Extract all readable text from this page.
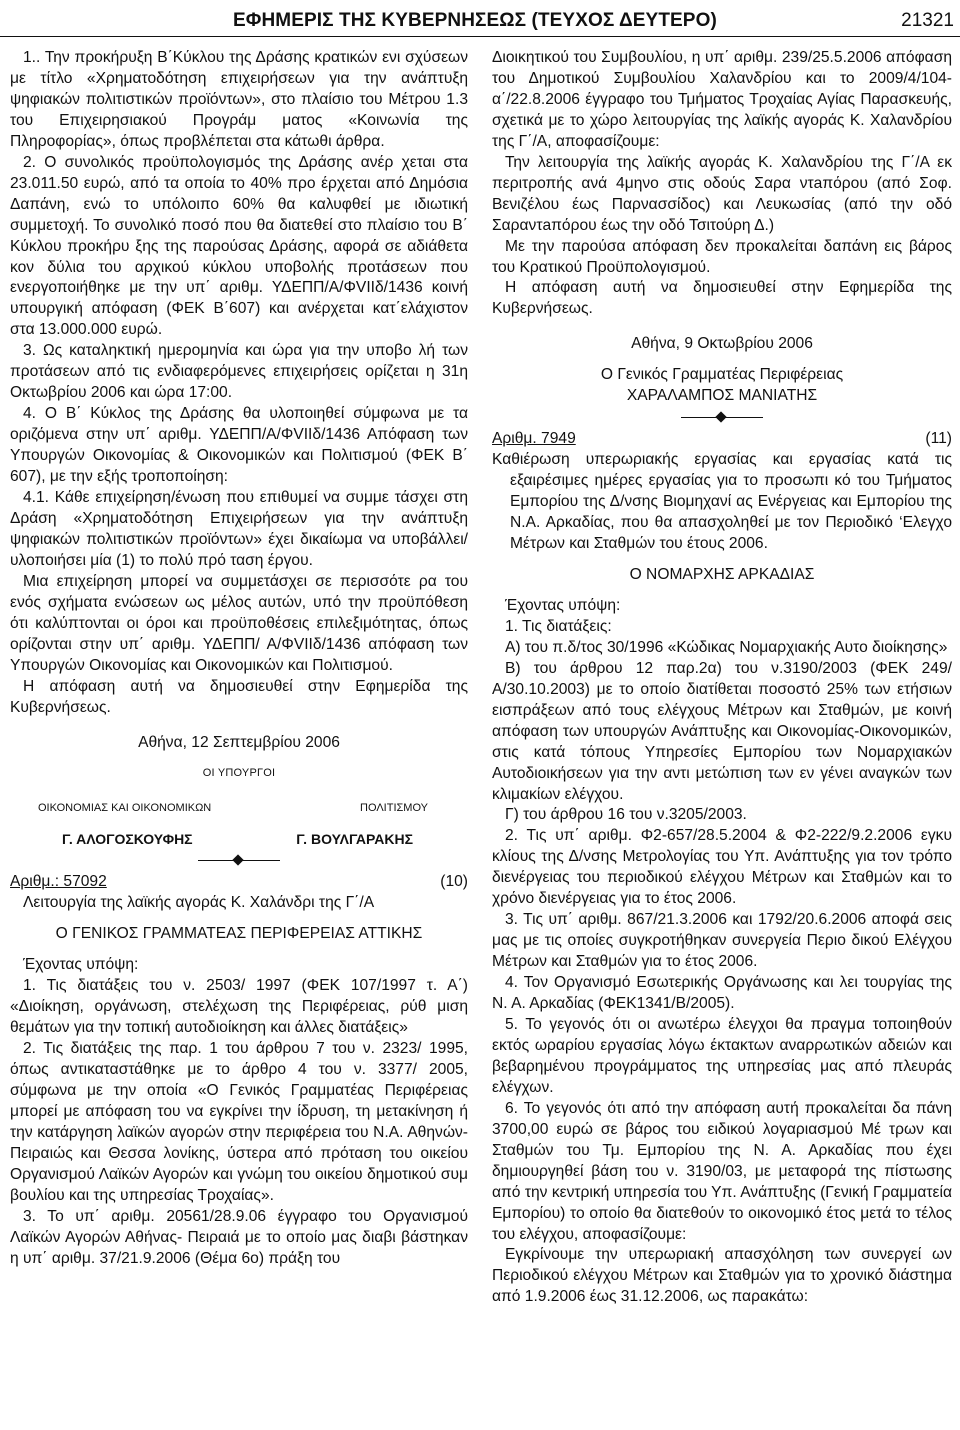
ΕΦΗΜΕΡΙΣ ΤΗΣ ΚΥΒΕΡΝΗΣΕΩΣ (ΤΕΥΧΟΣ ΔΕΥΤΕΡΟ)	21321

1.. Την προκήρυξη Β΄Κύκλου της Δράσης κρατικών ενι σχύσεων με τίτλο «Χρηματοδότηση επιχειρήσεων για την ανάπτυξη ψηφιακών πολιτιστικών προϊόντων», στο πλαίσιο του Μέτρου 1.3 του Επιχειρησιακού Προγράμ ματος «Κοινωνία της Πληροφορίας», όπως προβλέπεται στα κάτωθι άρθρα.

2. Ο συνολικός προϋπολογισμός της Δράσης ανέρ χεται στα 23.011.50 ευρώ, από τα οποία το 40% προ έρχεται από Δημόσια Δαπάνη, ενώ το υπόλοιπο 60% θα καλυφθεί με ιδιωτική συμμετοχή. Το συνολικό ποσό που θα διατεθεί στο πλαίσιο του Β΄ Κύκλου προκήρυ ξης της παρούσας Δράσης, αφορά σε αδιάθετα κον δύλια του αρχικού κύκλου υποβολής προτάσεων που ενεργοποιήθηκε με την υπ΄ αριθμ. ΥΔΕΠΠ/Α/ΦVIIδ/1436 κοινή υπουργική απόφαση (ΦΕΚ Β΄607) και ανέρχεται κατ΄ελάχιστον στα 13.000.000 ευρώ.

3. Ως καταληκτική ημερομηνία και ώρα για την υποβο λή των προτάσεων από τις ενδιαφερόμενες επιχειρήσεις ορίζεται η 31η Οκτωβρίου 2006 και ώρα 17:00.

4. Ο Β΄ Κύκλος της Δράσης θα υλοποιηθεί σύμφωνα με τα οριζόμενα στην υπ΄ αριθμ. ΥΔΕΠΠ/Α/ΦVIIδ/1436 Απόφαση των Υπουργών Οικονομίας & Οικονομικών και Πολιτισμού (ΦΕΚ Β΄ 607), με την εξής τροποποίηση:

4.1. Κάθε επιχείρηση/ένωση που επιθυμεί να συμμε τάσχει στη Δράση «Χρηματοδότηση Επιχειρήσεων για την ανάπτυξη ψηφιακών πολιτιστικών προϊόντων» έχει δικαίωμα να υποβάλλει/ υλοποιήσει μία (1) το πολύ πρό ταση έργου.

Μια επιχείρηση μπορεί να συμμετάσχει σε περισσότε ρα του ενός σχήματα ενώσεων ως μέλος αυτών, υπό την προϋπόθεση ότι καλύπτονται οι όροι και προϋποθέσεις επιλεξιμότητας, όπως ορίζονται στην υπ΄ αριθμ. ΥΔΕΠΠ/ Α/ΦVIIδ/1436 απόφαση των Υπουργών Οικονομίας και Οικονομικών και Πολιτισμού.

Η απόφαση αυτή να δημοσιευθεί στην Εφημερίδα της Κυβερνήσεως.

Αθήνα, 12 Σεπτεμβρίου 2006
ΟΙ ΥΠΟΥΡΓΟΙ
ΟΙΚΟΝΟΜΙΑΣ ΚΑΙ ΟΙΚΟΝΟΜΙΚΩΝ	ΠΟΛΙΤΙΣΜΟΥ
Γ. ΑΛΟΓΟΣΚΟΥΦΗΣ	Γ. ΒΟΥΛΓΑΡΑΚΗΣ
Αριθμ.: 57092	(10)

Λειτουργία της λαϊκής αγοράς Κ. Χαλάνδρι της Γ΄/Α

Ο ΓΕΝΙΚΟΣ ΓΡΑΜΜΑΤΕΑΣ ΠΕΡΙΦΕΡΕΙΑΣ ΑΤΤΙΚΗΣ

Έχοντας υπόψη:

1. Τις διατάξεις του ν. 2503/ 1997 (ΦΕΚ 107/1997 τ. Α΄) «Διοίκηση, οργάνωση, στελέχωση της Περιφέρειας, ρύθ μιση θεμάτων για την τοπική αυτοδιοίκηση και άλλες διατάξεις»

2. Τις διατάξεις της παρ. 1 του άρθρου 7 του ν. 2323/ 1995, όπως αντικαταστάθηκε με το άρθρο 4 του ν. 3377/ 2005, σύμφωνα με την οποία «Ο Γενικός Γραμματέας Περιφέρειας μπορεί με απόφαση του να εγκρίνει την ίδρυση, τη μετακίνηση ή την κατάργηση λαϊκών αγορών στην περιφέρεια του Ν.Α. Αθηνών-Πειραιώς και Θεσσα λονίκης, ύστερα από πρόταση του οικείου Οργανισμού Λαϊκών Αγορών και γνώμη του οικείου δημοτικού συμ βουλίου και της υπηρεσίας Τροχαίας».

3. Το υπ΄ αριθμ. 20561/28.9.06 έγγραφο του Οργανισμού Λαϊκών Αγορών Αθήνας- Πειραιά με το οποίο μας διαβι βάστηκαν η υπ΄ αριθμ. 37/21.9.2006 (Θέμα 6ο) πράξη του

Διοικητικού του Συμβουλίου, η υπ΄ αριθμ. 239/25.5.2006 απόφαση του Δημοτικού Συμβουλίου Χαλανδρίου και το 2009/4/104-α΄/22.8.2006 έγγραφο του Τμήματος Τροχαίας Αγίας Παρασκευής, σχετικά με το χώρο λειτουργίας της λαϊκής αγοράς Κ. Χαλανδρίου της Γ΄/Α, αποφασίζουμε:

Την λειτουργία της λαϊκής αγοράς Κ. Χαλανδρίου της Γ΄/Α εκ περιτροπής ανά 4μηνο στις οδούς Σαρα ντaπόρου (από Σοφ. Βενιζέλου έως Παρνασσίδος) και Λευκωσίας (από την οδό Σαραντaπόρου έως την οδό Τσιτούρη Δ.)

Με την παρούσα απόφαση δεν προκαλείται δαπάνη εις βάρος του Κρατικού Προϋπολογισμού.

Η απόφαση αυτή να δημοσιευθεί στην Εφημερίδα της Κυβερνήσεως.

Αθήνα, 9 Οκτωβρίου 2006

Ο Γενικός Γραμματέας Περιφέρειας

ΧΑΡΑΛΑΜΠΟΣ ΜΑΝΙΑΤΗΣ

Αριθμ. 7949	(11)

Καθιέρωση υπερωριακής εργασίας και εργασίας κατά τις εξαιρέσιμες ημέρες εργασίας για το προσωπι κό του Τμήματος Εμπορίου της Δ/νσης Βιομηχανί ας Ενέργειας και Εμπορίου της Ν.Α. Αρκαδίας, που θα απασχοληθεί με τον Περιοδικό ‘Ελεγχο Μέτρων και Σταθμών του έτους 2006.

Ο ΝΟΜΑΡΧΗΣ ΑΡΚΑΔΙΑΣ

Έχοντας υπόψη:

1. Τις διατάξεις:

Α) του π.δ/τος 30/1996 «Κώδικας Νομαρχιακής Αυτο διοίκησης»

Β) του άρθρου 12 παρ.2α) του ν.3190/2003 (ΦΕΚ 249/ Α/30.10.2003) με το οποίο διατίθεται ποσοστό 25% των ετήσιων εισπράξεων από τους ελέγχους Μέτρων και Σταθμών, με κοινή απόφαση των υπουργών Ανάπτυξης και Οικονομίας-Οικονομικών, στις κατά τόπους Υπηρεσίες Εμπορίου των Νομαρχιακών Αυτοδιοικήσεων για την αντι μετώπιση των εν γένει αναγκών των κλιμακίων ελέγχου.

Γ) του άρθρου 16 του ν.3205/2003.

2. Τις υπ΄ αριθμ. Φ2-657/28.5.2004 & Φ2-222/9.2.2006 εγκυ κλίους της Δ/νσης Μετρολογίας του Υπ. Ανάπτυξης για τον τρόπο διενέργειας του περιοδικού ελέγχου Μέτρων και Σταθμών και το χρόνο διενέργειας για το έτος 2006.

3. Τις υπ΄ αριθμ. 867/21.3.2006 και 1792/20.6.2006 αποφά σεις μας με τις οποίες συγκροτήθηκαν συνεργεία Περιο δικού Ελέγχου Μέτρων και Σταθμών για το έτος 2006.

4. Τον Οργανισμό Εσωτερικής Οργάνωσης και λει τουργίας της Ν. Α. Αρκαδίας (ΦΕΚ1341/Β/2005).

5. Το γεγονός ότι οι ανωτέρω έλεγχοι θα πραγμα τοποιηθούν εκτός ωραρίου εργασίας λόγω έκτακτων αναρρωτικών αδειών και βεβαρημένου προγράμματος της υπηρεσίας μας από πλευράς ελέγχων.

6. Το γεγονός ότι από την απόφαση αυτή προκαλείται δα πάνη 3700,00 ευρώ σε βάρος του ειδικού λογαριασμού Μέ τρων και Σταθμών του Τμ. Εμπορίου της Ν. Α. Αρκαδίας που έχει δημιουργηθεί βάση του ν. 3190/03, με μεταφορά της πίστωσης από την κεντρική υπηρεσία του Υπ. Ανάπτυξης (Γενική Γραμματεία Εμπορίου) το οποίο θα διατεθούν το οικονομικό έτος μετά το τέλος του ελέγχου, αποφασίζουμε:

Εγκρίνουμε την υπερωριακή απασχόληση των συνεργεί ων Περιοδικού ελέγχου Μέτρων και Σταθμών για το χρονικό διάστημα από 1.9.2006 έως 31.12.2006, ως παρακάτω:
